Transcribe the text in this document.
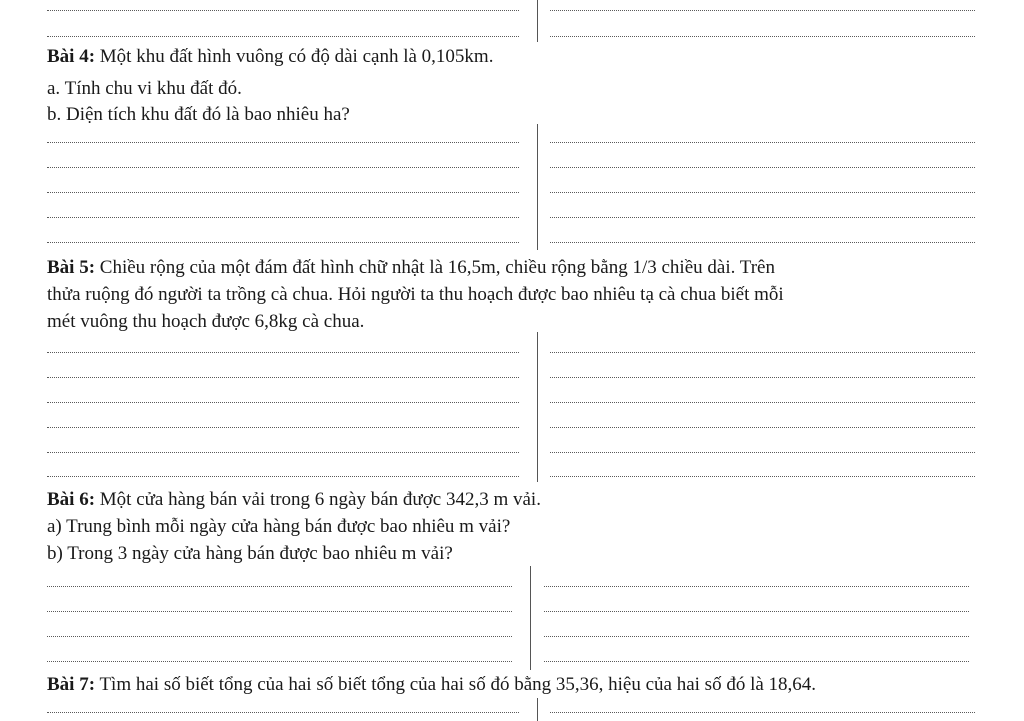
Bài 4: Một khu đất hình vuông có độ dài cạnh là 0,105km.
a. Tính chu vi khu đất đó.
b. Diện tích khu đất đó là bao nhiêu ha?
Bài 5: Chiều rộng của một đám đất hình chữ nhật là 16,5m, chiều rộng bằng 1/3 chiều dài. Trên
thửa ruộng đó người ta trồng cà chua. Hỏi người ta thu hoạch được bao nhiêu tạ cà chua biết mỗi
mét vuông thu hoạch được 6,8kg cà chua.
Bài 6: Một cửa hàng bán vải trong 6 ngày bán được 342,3 m vải.
a) Trung bình mỗi ngày cửa hàng bán được bao nhiêu m vải?
b) Trong 3 ngày cửa hàng bán được bao nhiêu m vải?
Bài 7: Tìm hai số biết tổng của hai số biết tổng của hai số đó bằng 35,36, hiệu của hai số đó là 18,64.
